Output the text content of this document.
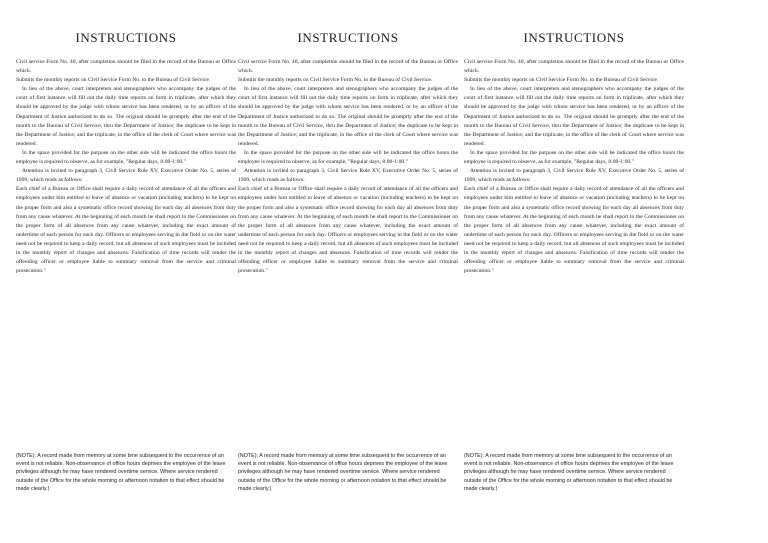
INSTRUCTIONS

Civil service Form No. 40, after completion should be filed in the record of the Bureau or Office which.

Submits the monthly reports on Civil Service Form No. to the Bureau of Civil Service.

In lieu of the above, court interpreters and stenographers who accompany the judges of the court of first instance will fill out the daily time reports on form in triplicate, after which they should be approved by the judge with whom service has been rendered, or by an officer of the Department of Justice authorized to do so. The original should be promptly after the end of the month to the Bureau of Civil Service, thru the Department of Justice; the duplicate to be kept in the Department of Justice; and the triplicate, in the office of the clerk of Court where service was rendered.

In the space provided for the purpose on the other side will be indicated the office hours the employee is required to observe, as for example, "Regular days, 8:00-1:00."

Attention is invited to paragraph 3, Civil Service Rule XV, Executive Order No. 5, series of 1909, which reads as follows:

Each chief of a Bureau or Office shall require a daily record of attendance of all the officers and employees under him entitled to leave of absence or vacation (including teachers) to be kept on the proper form and also a systematic office record showing for each day all absences from duty from any cause whatever. At the beginning of each month he shall report to the Commissioner on the proper form of all absences from any cause whatever, including the exact amount of undertime of each person for each day. Officers or employees serving in the field or on the water need not be required to keep a daily record, but all absences of such employees must be included in the monthly report of changes and absences. Falsification of time records will render the offending officer or employee liable to summary removal from the service and criminal prosecution."

INSTRUCTIONS

Civil service Form No. 40, after completion should be filed in the record of the Bureau or Office which.

Submits the monthly reports on Civil Service Form No. to the Bureau of Civil Service.

In lieu of the above, court interpreters and stenographers who accompany the judges of the court of first instance will fill out the daily time reports on form in triplicate, after which they should be approved by the judge with whom service has been rendered, or by an officer of the Department of Justice authorized to do so. The original should be promptly after the end of the month to the Bureau of Civil Service, thru the Department of Justice; the duplicate to be kept in the Department of Justice; and the triplicate, in the office of the clerk of Court where service was rendered.

In the space provided for the purpose on the other side will be indicated the office hours the employee is required to observe, as for example, "Regular days, 8:00-1:00."

Attention is invited to paragraph 3, Civil Service Rule XV, Executive Order No. 5, series of 1909, which reads as follows:

Each chief of a Bureau or Office shall require a daily record of attendance of all the officers and employees under him entitled to leave of absence or vacation (including teachers) to be kept on the proper form and also a systematic office record showing for each day all absences from duty from any cause whatever. At the beginning of each month he shall report to the Commissioner on the proper form of all absences from any cause whatever, including the exact amount of undertime of each person for each day. Officers or employees serving in the field or on the water need not be required to keep a daily record, but all absences of such employees must be included in the monthly report of changes and absences. Falsification of time records will render the offending officer or employee liable to summary removal from the service and criminal prosecution."

INSTRUCTIONS

Civil service Form No. 40, after completion should be filed in the record of the Bureau or Office which.

Submits the monthly reports on Civil Service Form No. to the Bureau of Civil Service.

In lieu of the above, court interpreters and stenographers who accompany the judges of the court of first instance will fill out the daily time reports on form in triplicate, after which they should be approved by the judge with whom service has been rendered, or by an officer of the Department of Justice authorized to do so. The original should be promptly after the end of the month to the Bureau of Civil Service, thru the Department of Justice; the duplicate to be kept in the Department of Justice; and the triplicate, in the office of the clerk of Court where service was rendered.

In the space provided for the purpose on the other side will be indicated the office hours the employee is required to observe, as for example, "Regular days, 8:00-1:00."

Attention is invited to paragraph 3, Civil Service Rule XV, Executive Order No. 5, series of 1909, which reads as follows:

Each chief of a Bureau or Office shall require a daily record of attendance of all the officers and employees under him entitled to leave of absence or vacation (including teachers) to be kept on the proper form and also a systematic office record showing for each day all absences from duty from any cause whatever. At the beginning of each month he shall report to the Commissioner on the proper form of all absences from any cause whatever, including the exact amount of undertime of each person for each day. Officers or employees serving in the field or on the water need not be required to keep a daily record, but all absences of such employees must be included in the monthly report of changes and absences. Falsification of time records will render the offending officer or employee liable to summary removal from the service and criminal prosecution."

(NOTE): A record made from memory at some time subsequent to the occurrence of an event is not reliable. Non-observance of office hours deprives the employee of the leave privileges although he may have rendered overtime service. Where service rendered outside of the Office for the whole morning or afternoon notation to that effect should be made clearly.)
(NOTE): A record made from memory at some time subsequent to the occurrence of an event is not reliable. Non-observance of office hours deprives the employee of the leave privileges although he may have rendered overtime service. Where service rendered outside of the Office for the whole morning or afternoon notation to that effect should be made clearly.)
(NOTE): A record made from memory at some time subsequent to the occurrence of an event is not reliable. Non-observance of office hours deprives the employee of the leave privileges although he may have rendered overtime service. Where service rendered outside of the Office for the whole morning or afternoon notation to that effect should be made clearly.)
